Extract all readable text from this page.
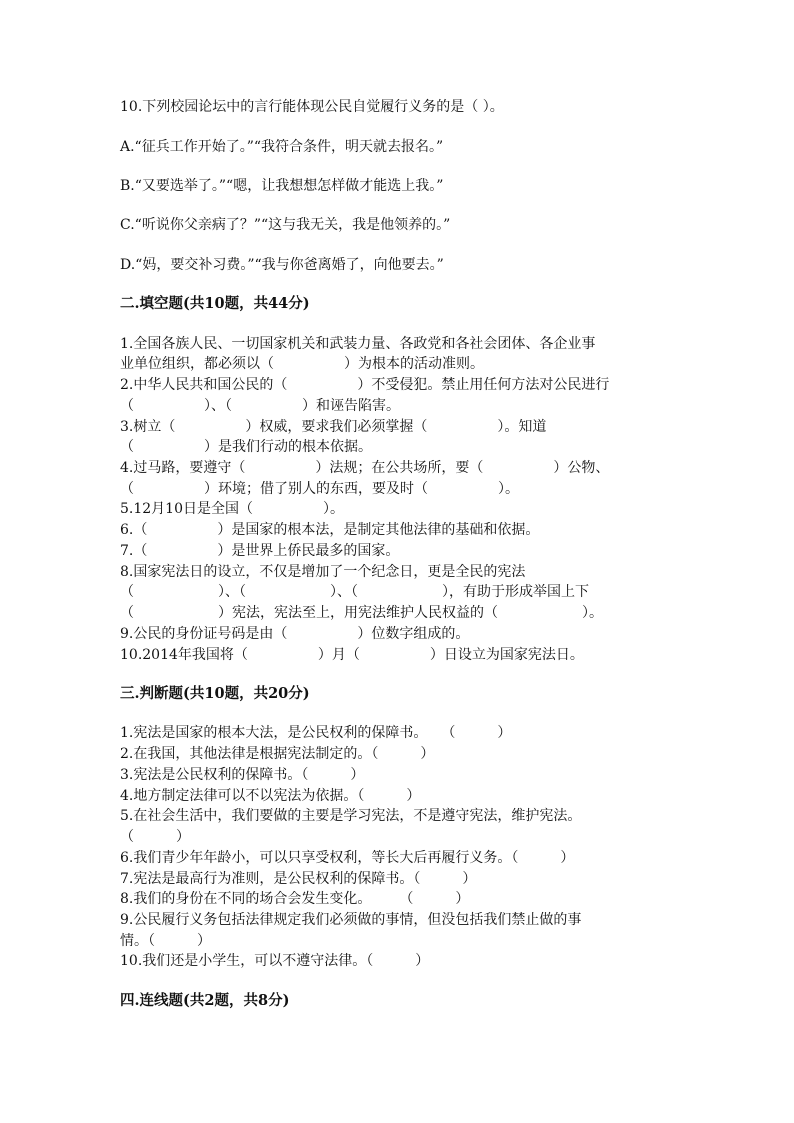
10.下列校园论坛中的言行能体现公民自觉履行义务的是（ ）。
A.“征兵工作开始了。”“我符合条件，明天就去报名。”
B.“又要选举了。”“嗯，让我想想怎样做才能选上我。”
C.“听说你父亲病了？”“这与我无关，我是他领养的。”
D.“妈，要交补习费。”“我与你爸离婚了，向他要去。”
二.填空题(共10题，共44分)
1.全国各族人民、一切国家机关和武装力量、各政党和各社会团体、各企业事
业单位组织，都必须以（　　　　　）为根本的活动准则。
2.中华人民共和国公民的（　　　　　）不受侵犯。禁止用任何方法对公民进行
（　　　　　）、（　　　　　）和诬告陷害。
3.树立（　　　　　）权威，要求我们必须掌握（　　　　　）。知道
（　　　　　）是我们行动的根本依据。
4.过马路，要遵守（　　　　　）法规；在公共场所，要（　　　　　）公物、
（　　　　　）环境；借了别人的东西，要及时（　　　　　）。
5.12月10日是全国（　　　　　）。
6.（　　　　　）是国家的根本法，是制定其他法律的基础和依据。
7.（　　　　　）是世界上侨民最多的国家。
8.国家宪法日的设立，不仅是增加了一个纪念日，更是全民的宪法
（　　　　　　）、（　　　　　　）、（　　　　　　），有助于形成举国上下
（　　　　　　）宪法，宪法至上，用宪法维护人民权益的（　　　　　　）。
9.公民的身份证号码是由（　　　　　）位数字组成的。
10.2014年我国将（　　　　　）月（　　　　　）日设立为国家宪法日。
三.判断题(共10题，共20分)
1.宪法是国家的根本大法，是公民权利的保障书。　　（　　　）
2.在我国，其他法律是根据宪法制定的。（　　　）
3.宪法是公民权利的保障书。（　　　）
4.地方制定法律可以不以宪法为依据。（　　　）
5.在社会生活中，我们要做的主要是学习宪法，不是遵守宪法，维护宪法。
（　　　）
6.我们青少年年龄小，可以只享受权利，等长大后再履行义务。（　　　）
7.宪法是最高行为准则，是公民权利的保障书。（　　　）
8.我们的身份在不同的场合会发生变化。　　　（　　　）
9.公民履行义务包括法律规定我们必须做的事情，但没包括我们禁止做的事
情。（　　　）
10.我们还是小学生，可以不遵守法律。（　　　）
四.连线题(共2题，共8分)
